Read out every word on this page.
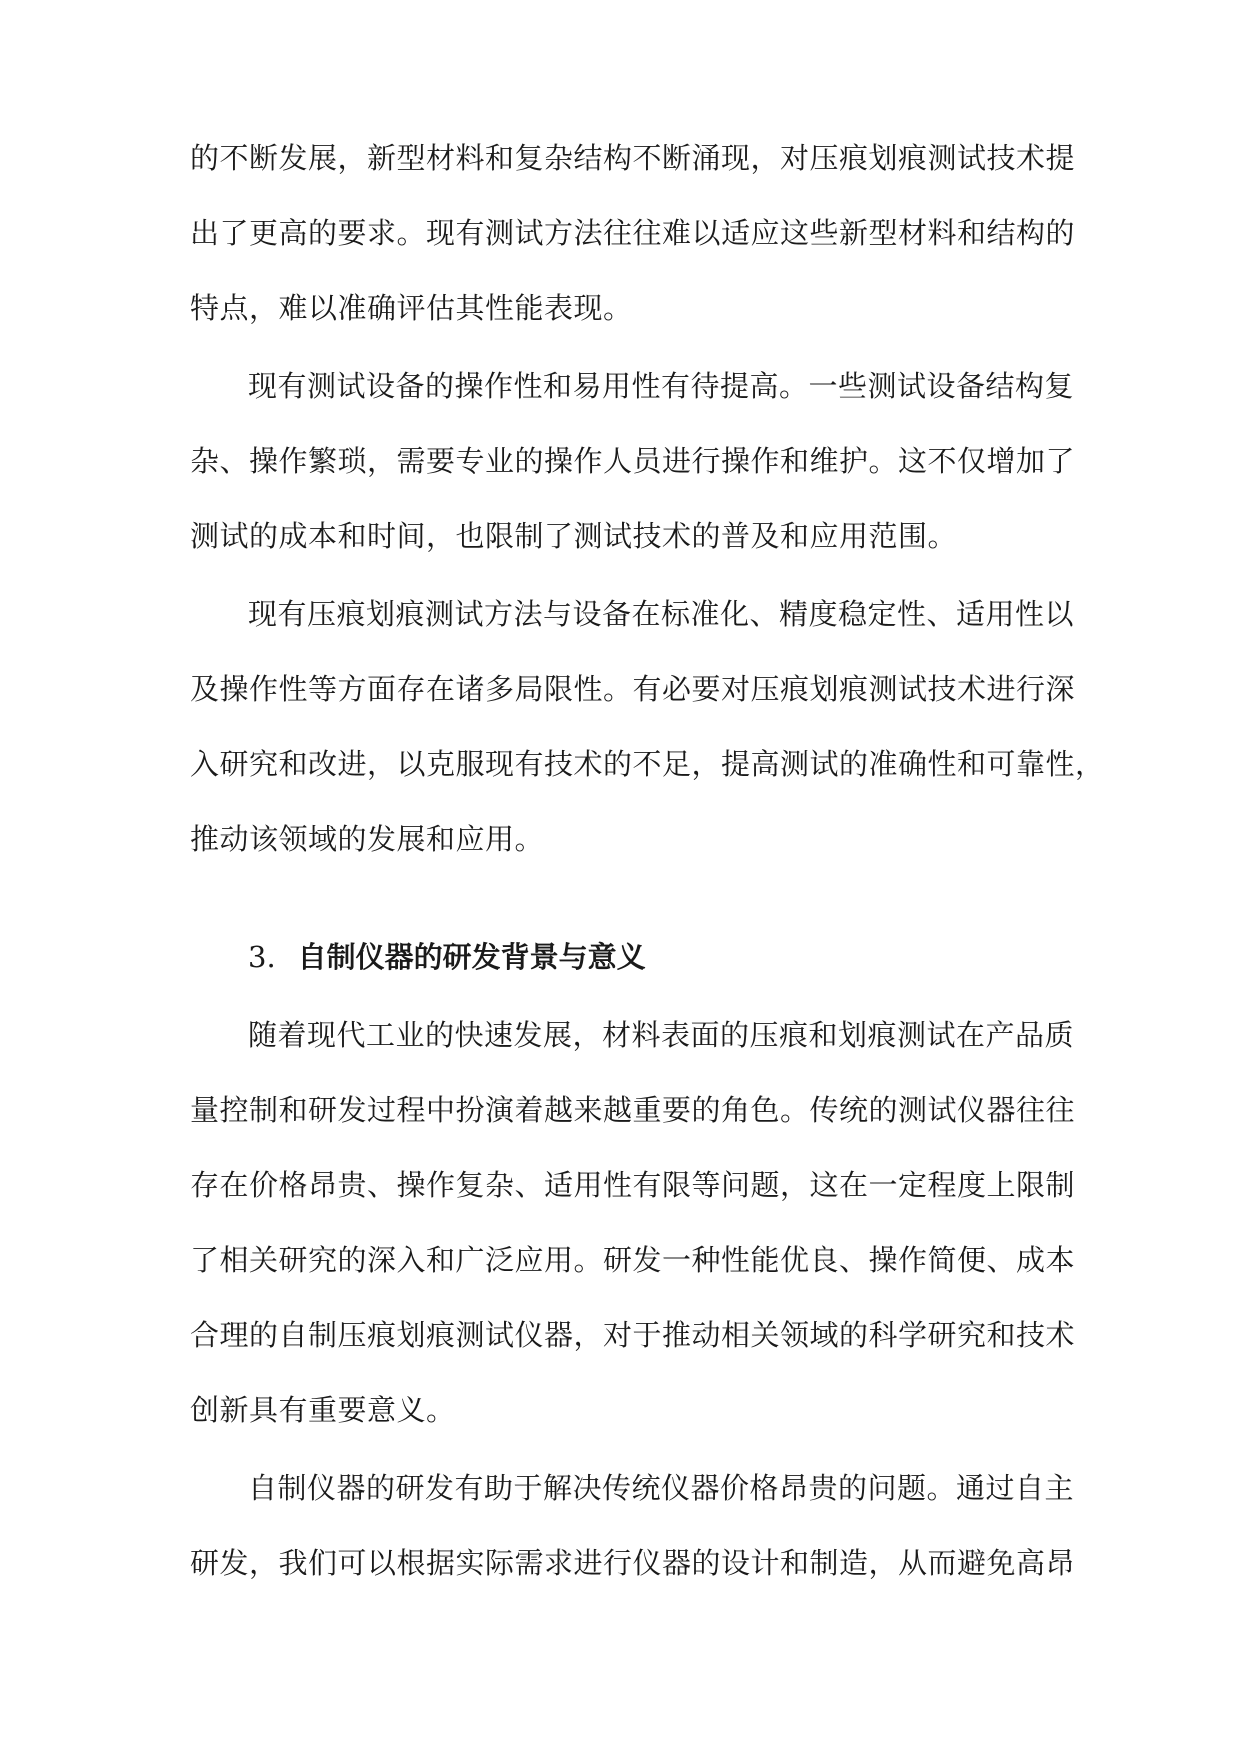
的不断发展，新型材料和复杂结构不断涌现，对压痕划痕测试技术提
出了更高的要求。现有测试方法往往难以适应这些新型材料和结构的
特点，难以准确评估其性能表现。
现有测试设备的操作性和易用性有待提高。一些测试设备结构复
杂、操作繁琐，需要专业的操作人员进行操作和维护。这不仅增加了
测试的成本和时间，也限制了测试技术的普及和应用范围。
现有压痕划痕测试方法与设备在标准化、精度稳定性、适用性以
及操作性等方面存在诸多局限性。有必要对压痕划痕测试技术进行深
入研究和改进，以克服现有技术的不足，提高测试的准确性和可靠性，
推动该领域的发展和应用。
3. 自制仪器的研发背景与意义
随着现代工业的快速发展，材料表面的压痕和划痕测试在产品质
量控制和研发过程中扮演着越来越重要的角色。传统的测试仪器往往
存在价格昂贵、操作复杂、适用性有限等问题，这在一定程度上限制
了相关研究的深入和广泛应用。研发一种性能优良、操作简便、成本
合理的自制压痕划痕测试仪器，对于推动相关领域的科学研究和技术
创新具有重要意义。
自制仪器的研发有助于解决传统仪器价格昂贵的问题。通过自主
研发，我们可以根据实际需求进行仪器的设计和制造，从而避免高昂
